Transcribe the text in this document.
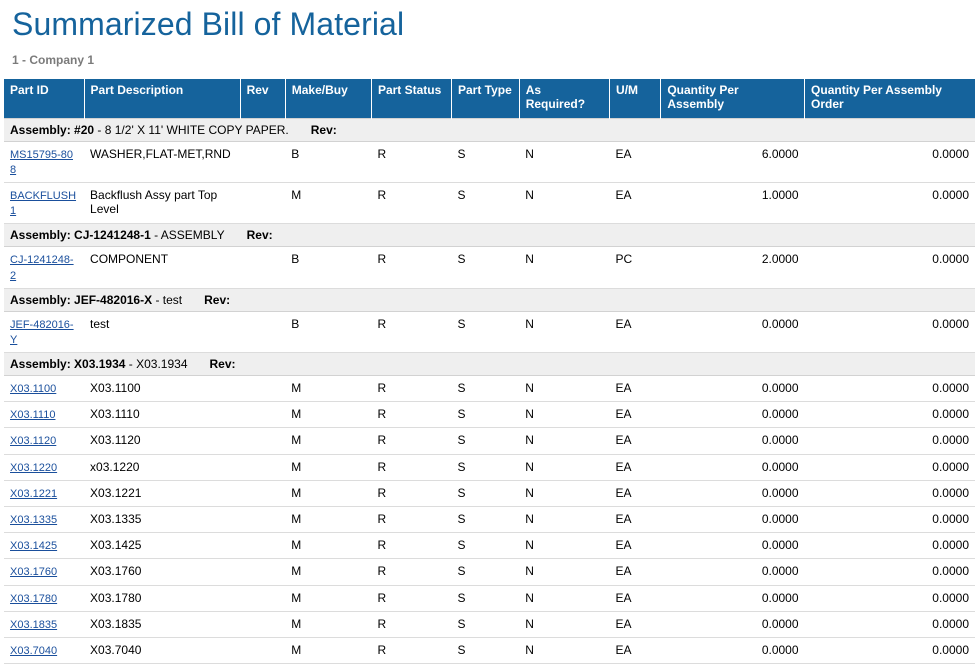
Summarized Bill of Material
1 - Company 1
Part ID	Part Description	Rev	Make/Buy	Part Status	Part Type	As Required?	U/M	Quantity Per Assembly	Quantity Per Assembly Order
Assembly: #20 - 8 1/2' X 11' WHITE COPY PAPER. Rev:									
MS15795-808	WASHER,FLAT-MET,RND		B	R	S	N	EA	6.0000	0.0000
BACKFLUSH1	Backflush Assy part Top Level		M	R	S	N	EA	1.0000	0.0000
Assembly: CJ-1241248-1 - ASSEMBLY Rev:									
CJ-1241248-2	COMPONENT		B	R	S	N	PC	2.0000	0.0000
Assembly: JEF-482016-X - test Rev:									
JEF-482016-Y	test		B	R	S	N	EA	0.0000	0.0000
Assembly: X03.1934 - X03.1934 Rev:									
X03.1100	X03.1100		M	R	S	N	EA	0.0000	0.0000
X03.1110	X03.1110		M	R	S	N	EA	0.0000	0.0000
X03.1120	X03.1120		M	R	S	N	EA	0.0000	0.0000
X03.1220	x03.1220		M	R	S	N	EA	0.0000	0.0000
X03.1221	X03.1221		M	R	S	N	EA	0.0000	0.0000
X03.1335	X03.1335		M	R	S	N	EA	0.0000	0.0000
X03.1425	X03.1425		M	R	S	N	EA	0.0000	0.0000
X03.1760	X03.1760		M	R	S	N	EA	0.0000	0.0000
X03.1780	X03.1780		M	R	S	N	EA	0.0000	0.0000
X03.1835	X03.1835		M	R	S	N	EA	0.0000	0.0000
X03.7040	X03.7040		M	R	S	N	EA	0.0000	0.0000
